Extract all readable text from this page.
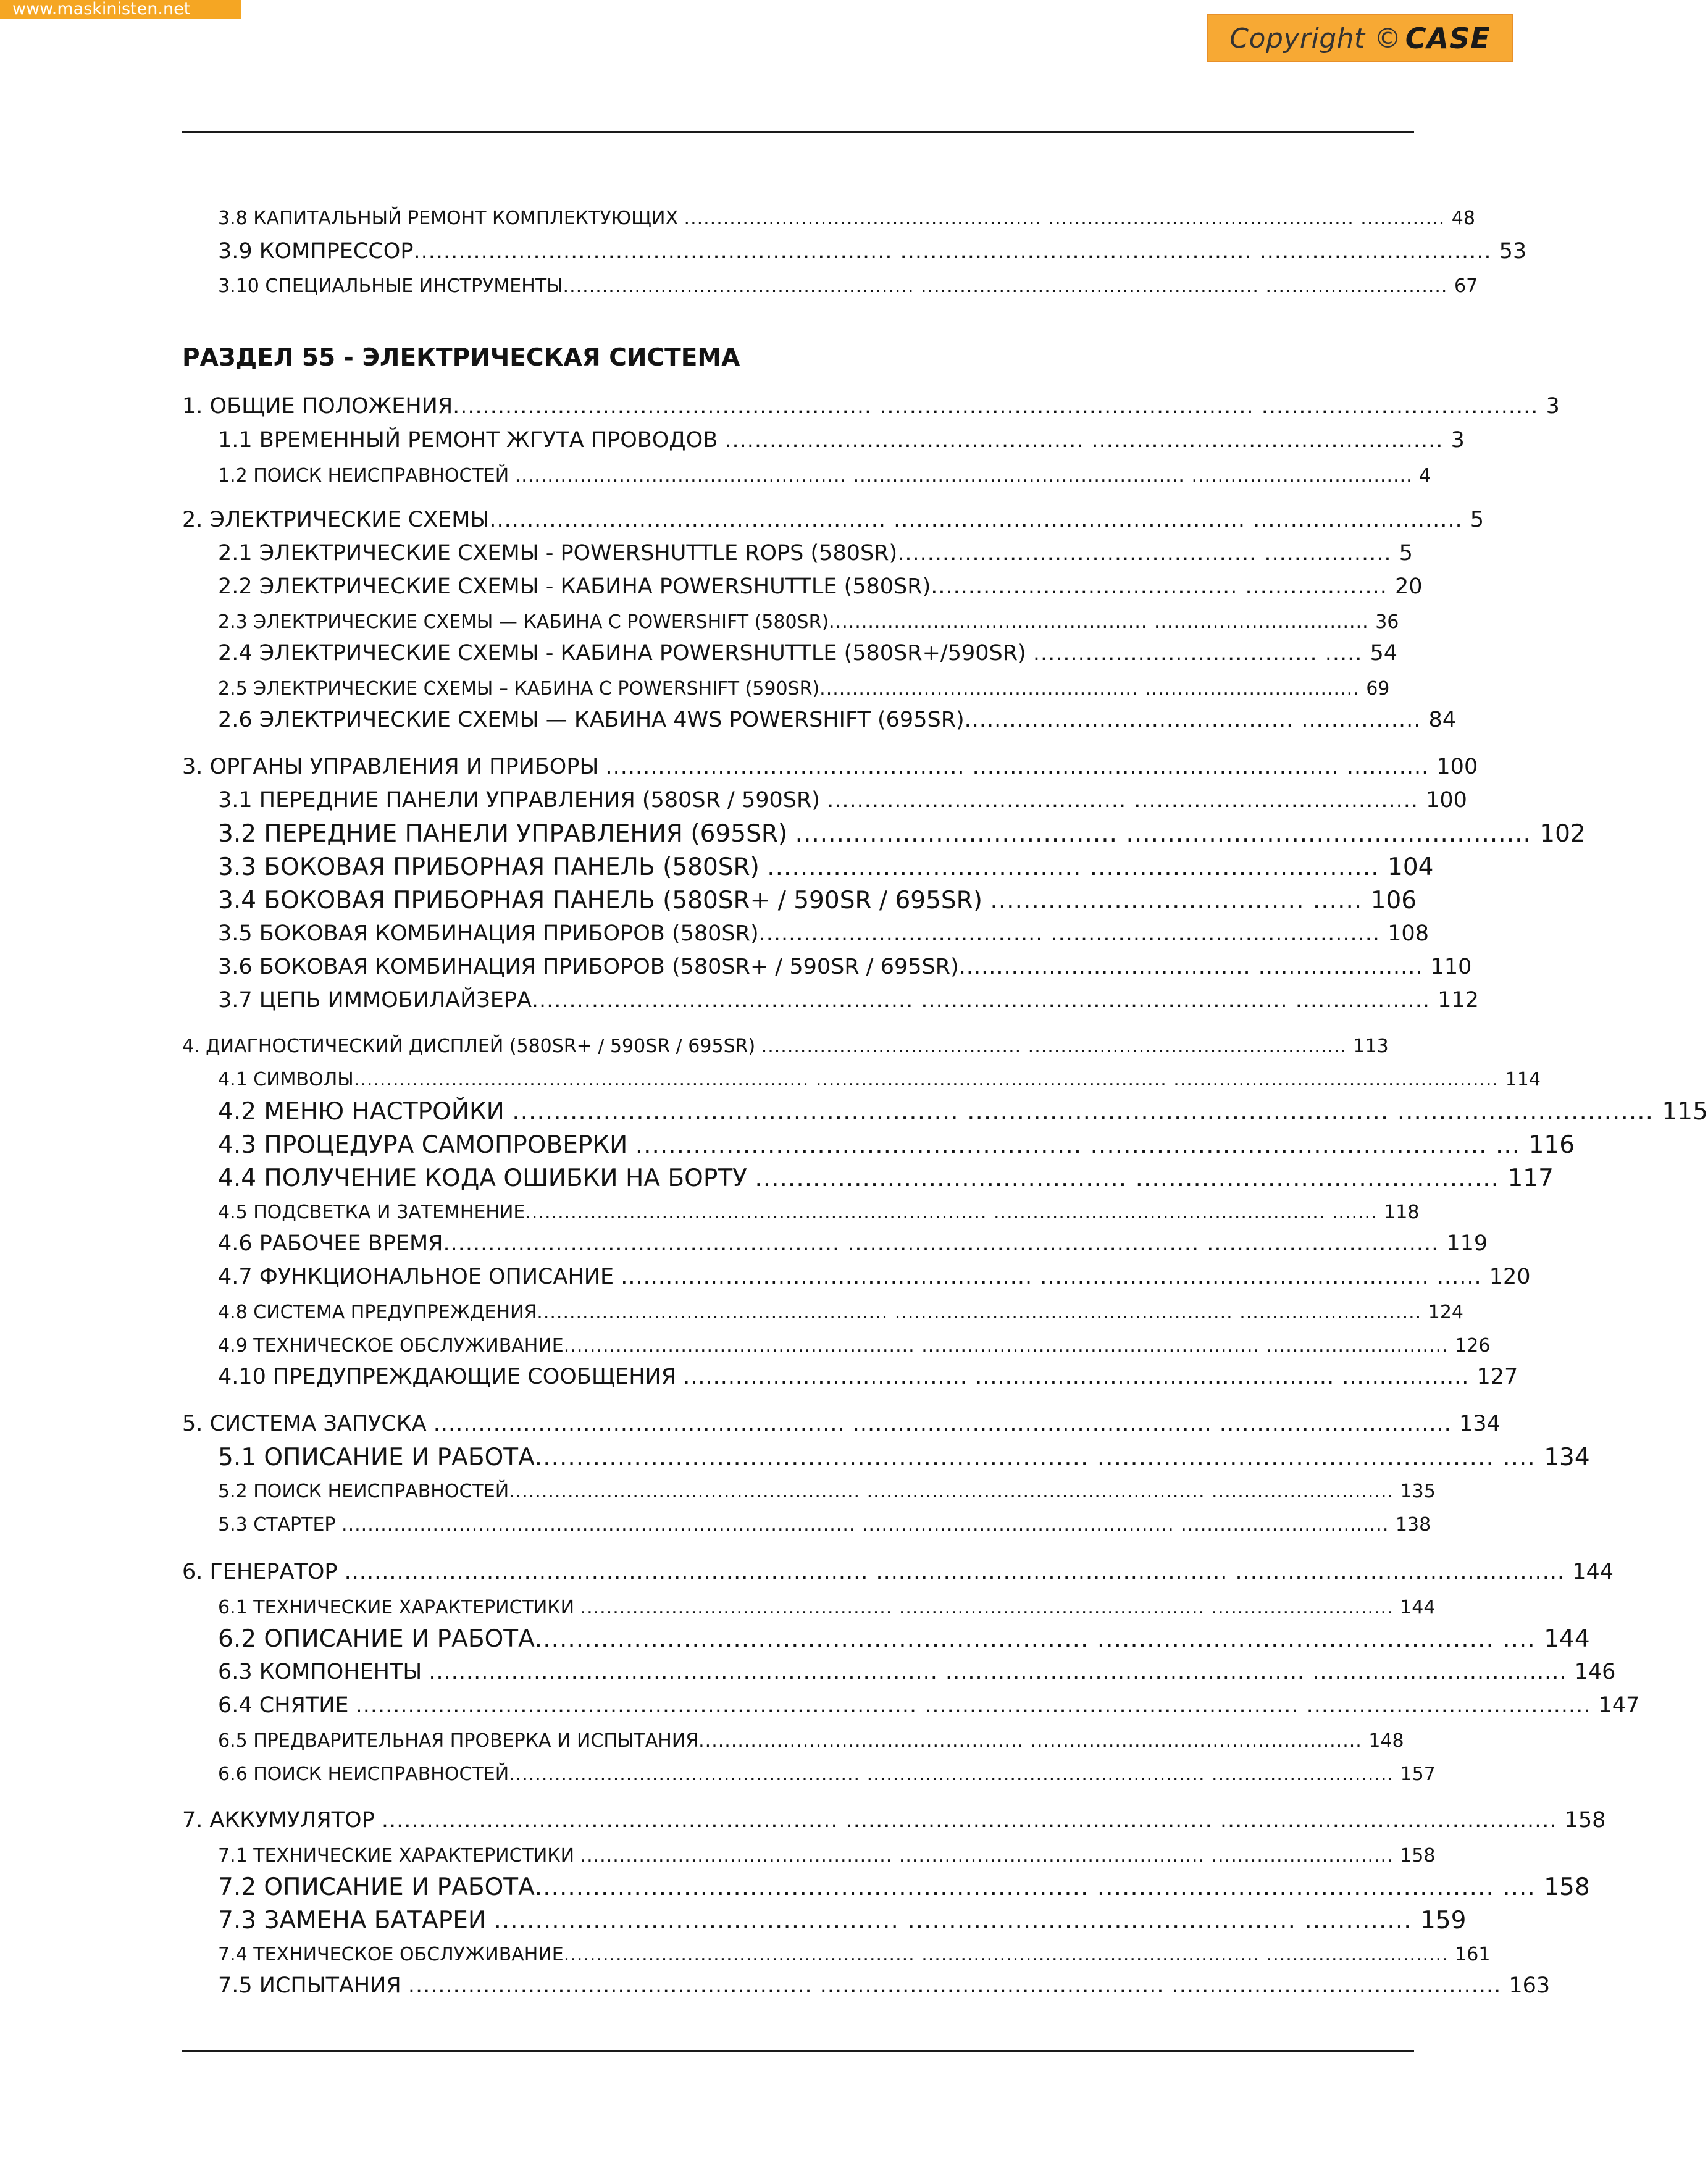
www.maskinisten.net
Copyright © CASE
3.8 КАПИТАЛЬНЫЙ РЕМОНТ КОМПЛЕКТУЮЩИХ ....................................................... ............................................... ............. 48
3.9 КОМПРЕССОР................................................................ ............................................... ............................... 53
3.10 СПЕЦИАЛЬНЫЕ ИНСТРУМЕНТЫ...................................................... .................................................... ............................ 67
РАЗДЕЛ 55 - ЭЛЕКТРИЧЕСКАЯ СИСТЕМА
1. ОБЩИЕ ПОЛОЖЕНИЯ........................................................ .................................................. ..................................... 3
1.1 ВРЕМЕННЫЙ РЕМОНТ ЖГУТА ПРОВОДОВ ................................................ ............................................... 3
1.2 ПОИСК НЕИСПРАВНОСТЕЙ ................................................... ................................................... .................................. 4
2. ЭЛЕКТРИЧЕСКИЕ СХЕМЫ..................................................... ............................................... ............................ 5
2.1 ЭЛЕКТРИЧЕСКИЕ СХЕМЫ - POWERSHUTTLE ROPS (580SR)................................................ ................. 5
2.2 ЭЛЕКТРИЧЕСКИЕ СХЕМЫ - КАБИНА POWERSHUTTLE (580SR)......................................... ................... 20
2.3 ЭЛЕКТРИЧЕСКИЕ СХЕМЫ — КАБИНА С POWERSHIFT (580SR)................................................. ................................. 36
2.4 ЭЛЕКТРИЧЕСКИЕ СХЕМЫ - КАБИНА POWERSHUTTLE (580SR+/590SR) ...................................... ..... 54
2.5 ЭЛЕКТРИЧЕСКИЕ СХЕМЫ – КАБИНА С POWERSHIFT (590SR)................................................. ................................. 69
2.6 ЭЛЕКТРИЧЕСКИЕ СХЕМЫ — КАБИНА 4WS POWERSHIFT (695SR)............................................ ................ 84
3. ОРГАНЫ УПРАВЛЕНИЯ И ПРИБОРЫ ................................................ ................................................. ........... 100
3.1 ПЕРЕДНИЕ ПАНЕЛИ УПРАВЛЕНИЯ (580SR / 590SR) ........................................ ...................................... 100
3.2 ПЕРЕДНИЕ ПАНЕЛИ УПРАВЛЕНИЯ (695SR) ....................................... ................................................. 102
3.3 БОКОВАЯ ПРИБОРНАЯ ПАНЕЛЬ (580SR) ...................................... ................................... 104
3.4 БОКОВАЯ ПРИБОРНАЯ ПАНЕЛЬ (580SR+ / 590SR / 695SR) ...................................... ...... 106
3.5 БОКОВАЯ КОМБИНАЦИЯ ПРИБОРОВ (580SR)...................................... ............................................ 108
3.6 БОКОВАЯ КОМБИНАЦИЯ ПРИБОРОВ (580SR+ / 590SR / 695SR)....................................... ...................... 110
3.7 ЦЕПЬ ИММОБИЛАЙЗЕРА................................................... ................................................. .................. 112
4. ДИАГНОСТИЧЕСКИЙ ДИСПЛЕЙ (580SR+ / 590SR / 695SR) ........................................ ................................................. 113
4.1 СИМВОЛЫ...................................................................... ...................................................... .................................................. 114
4.2 МЕНЮ НАСТРОЙКИ ...................................................... ................................................... ............................... 115
4.3 ПРОЦЕДУРА САМОПРОВЕРКИ ...................................................... ................................................ ... 116
4.4 ПОЛУЧЕНИЕ КОДА ОШИБКИ НА БОРТУ ............................................. ............................................ 117
4.5 ПОДСВЕТКА И ЗАТЕМНЕНИЕ....................................................................... ................................................... ....... 118
4.6 РАБОЧЕЕ ВРЕМЯ..................................................... ............................................... ............................... 119
4.7 ФУНКЦИОНАЛЬНОЕ ОПИСАНИЕ ....................................................... .................................................... ...... 120
4.8 СИСТЕМА ПРЕДУПРЕЖДЕНИЯ...................................................... .................................................... ............................ 124
4.9 ТЕХНИЧЕСКОЕ ОБСЛУЖИВАНИЕ...................................................... .................................................... ............................ 126
4.10 ПРЕДУПРЕЖДАЮЩИЕ СООБЩЕНИЯ ...................................... ................................................ ................. 127
5. СИСТЕМА ЗАПУСКА ....................................................... ................................................ ............................... 134
5.1 ОПИСАНИЕ И РАБОТА................................................................... ................................................ .... 134
5.2 ПОИСК НЕИСПРАВНОСТЕЙ...................................................... .................................................... ............................ 135
5.3 СТАРТЕР ............................................................................... ................................................ ................................ 138
6. ГЕНЕРАТОР ...................................................................... ............................................... ............................................ 144
6.1 ТЕХНИЧЕСКИЕ ХАРАКТЕРИСТИКИ ................................................ ............................................... ............................ 144
6.2 ОПИСАНИЕ И РАБОТА................................................................... ................................................ .... 144
6.3 КОМПОНЕНТЫ .................................................................... ................................................ .................................. 146
6.4 СНЯТИЕ ........................................................................... .................................................. ...................................... 147
6.5 ПРЕДВАРИТЕЛЬНАЯ ПРОВЕРКА И ИСПЫТАНИЯ.................................................. ................................................... 148
6.6 ПОИСК НЕИСПРАВНОСТЕЙ...................................................... .................................................... ............................ 157
7. АККУМУЛЯТОР ............................................................. ................................................. ............................................. 158
7.1 ТЕХНИЧЕСКИЕ ХАРАКТЕРИСТИКИ ................................................ ............................................... ............................ 158
7.2 ОПИСАНИЕ И РАБОТА................................................................... ................................................ .... 158
7.3 ЗАМЕНА БАТАРЕИ ................................................. ............................................... ............. 159
7.4 ТЕХНИЧЕСКОЕ ОБСЛУЖИВАНИЕ...................................................... .................................................... ............................ 161
7.5 ИСПЫТАНИЯ ...................................................... .............................................. ............................................ 163
